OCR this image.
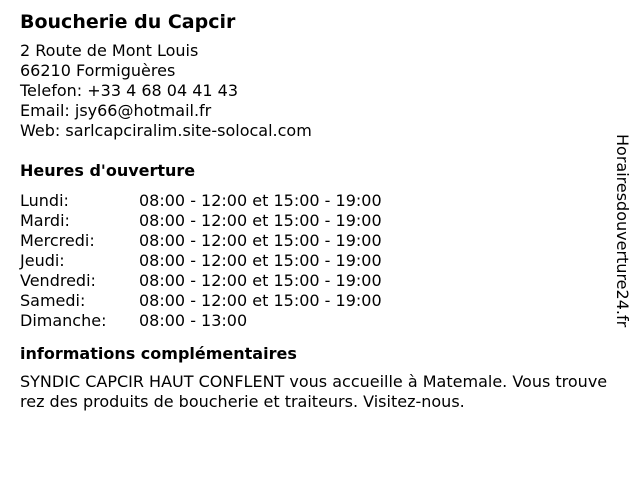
Boucherie du Capcir
2 Route de Mont Louis
66210 Formiguères
Telefon: +33 4 68 04 41 43
Email: jsy66@hotmail.fr
Web: sarlcapciralim.site-solocal.com
Heures d'ouverture
Lundi:	08:00 - 12:00 et 15:00 - 19:00
Mardi:	08:00 - 12:00 et 15:00 - 19:00
Mercredi:	08:00 - 12:00 et 15:00 - 19:00
Jeudi:	08:00 - 12:00 et 15:00 - 19:00
Vendredi:	08:00 - 12:00 et 15:00 - 19:00
Samedi:	08:00 - 12:00 et 15:00 - 19:00
Dimanche:	08:00 - 13:00
informations complémentaires
SYNDIC CAPCIR HAUT CONFLENT vous accueille à Matemale. Vous trouverez des produits de boucherie et traiteurs. Visitez-nous.
Horairesdouverture24.fr
